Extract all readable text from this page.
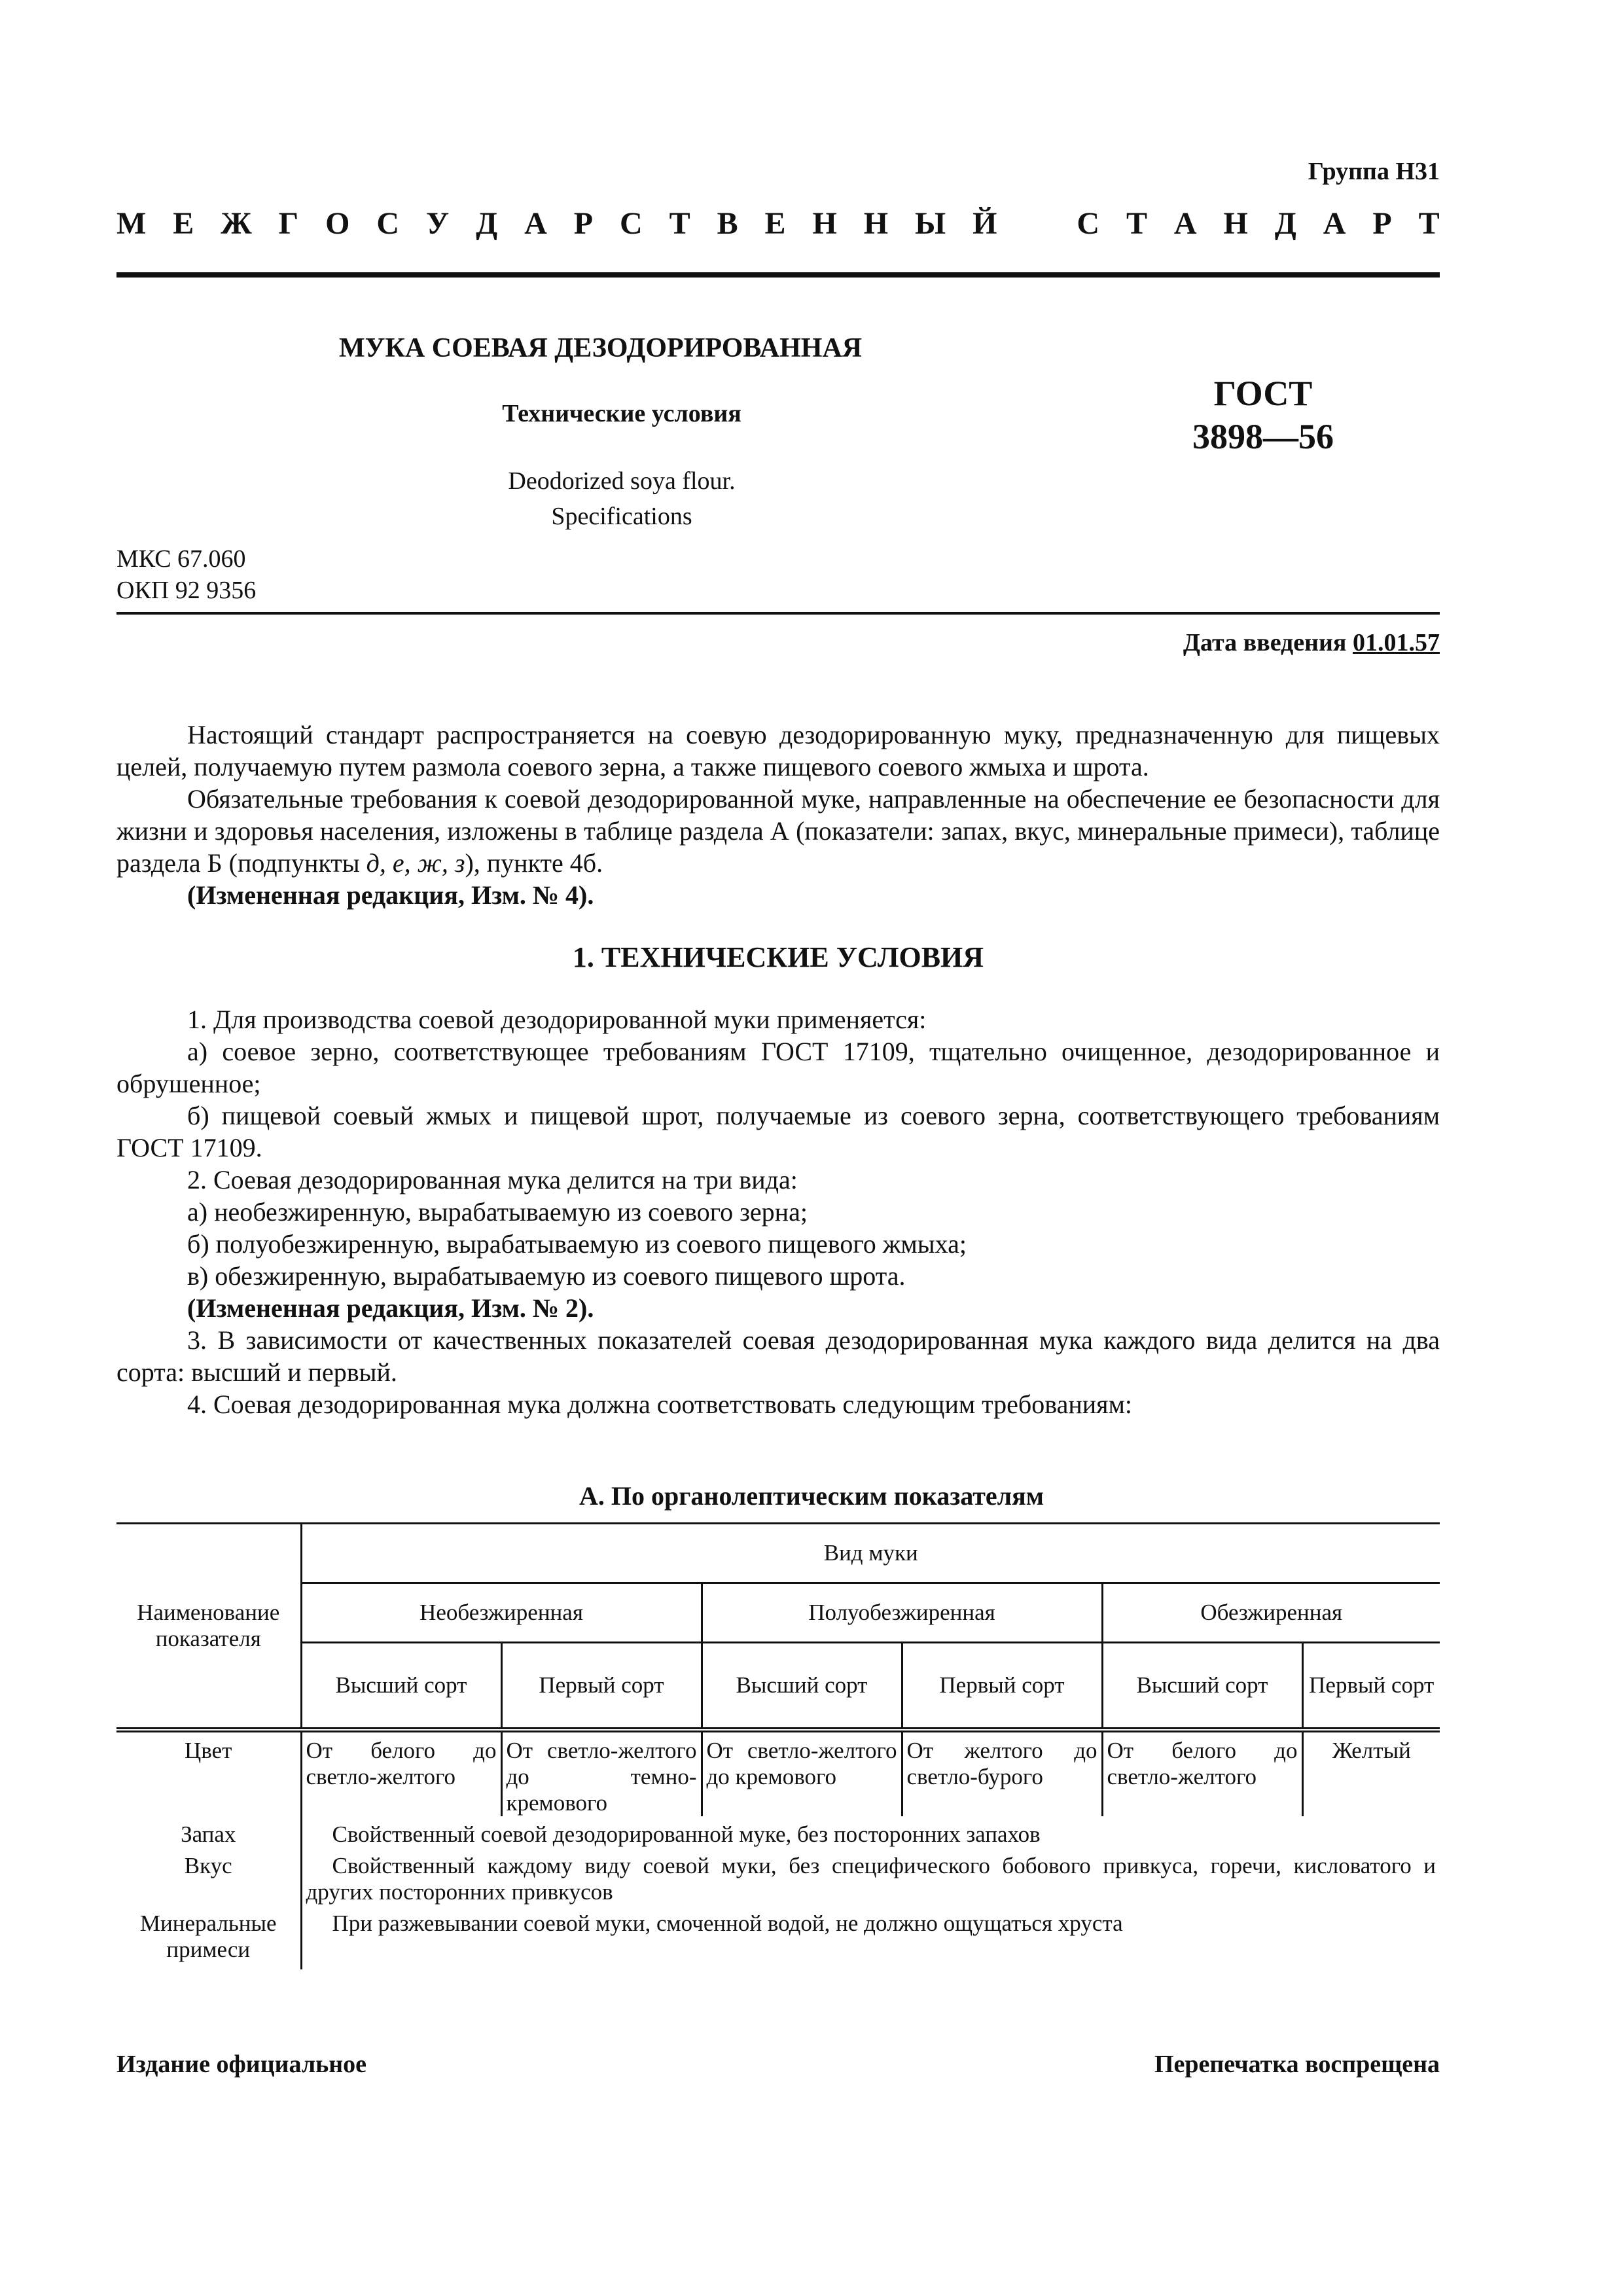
Группа Н31
М Е Ж Г О С У Д А Р С Т В Е Н Н Ы Й	С Т А Н Д А Р Т
МУКА СОЕВАЯ ДЕЗОДОРИРОВАННАЯ
Технические условия
Deodorized soya flour.
Specifications
ГОСТ
3898—56
МКС 67.060
ОКП 92 9356
Дата введения 01.01.57

Настоящий стандарт распространяется на соевую дезодорированную муку, предназначенную для пищевых целей, получаемую путем размола соевого зерна, а также пищевого соевого жмыха и шрота.

Обязательные требования к соевой дезодорированной муке, направленные на обеспечение ее безопасности для жизни и здоровья населения, изложены в таблице раздела А (показатели: запах, вкус, минеральные примеси), таблице раздела Б (подпункты д, е, ж, з), пункте 4б.

(Измененная редакция, Изм. № 4).

1. ТЕХНИЧЕСКИЕ УСЛОВИЯ

1. Для производства соевой дезодорированной муки применяется:

а) соевое зерно, соответствующее требованиям ГОСТ 17109, тщательно очищенное, дезодорированное и обрушенное;

б) пищевой соевый жмых и пищевой шрот, получаемые из соевого зерна, соответствующего требованиям ГОСТ 17109.

2. Соевая дезодорированная мука делится на три вида:

а) необезжиренную, вырабатываемую из соевого зерна;

б) полуобезжиренную, вырабатываемую из соевого пищевого жмыха;

в) обезжиренную, вырабатываемую из соевого пищевого шрота.

(Измененная редакция, Изм. № 2).

3. В зависимости от качественных показателей соевая дезодорированная мука каждого вида делится на два сорта: высший и первый.

4. Соевая дезодорированная мука должна соответствовать следующим требованиям:

А. По органолептическим показателям
Наименование показателя	Вид муки					
	Необезжиренная		Полуобезжиренная		Обезжиренная	
	Высший сорт	Первый сорт	Высший сорт	Первый сорт	Высший сорт	Первый сорт
Цвет	От белого до светло-желтого	От светло-желтого до темно-кремового	От светло-желтого до кремового	От желтого до светло-бурого	От белого до светло-желтого	Желтый
Запах	Свойственный соевой дезодорированной муке, без посторонних запахов					
Вкус	Свойственный каждому виду соевой муки, без специфического бобового привкуса, горечи, кисловатого и других посторонних привкусов					
Минеральные примеси	При разжевывании соевой муки, смоченной водой, не должно ощущаться хруста					
Издание официальное	Перепечатка воспрещена
